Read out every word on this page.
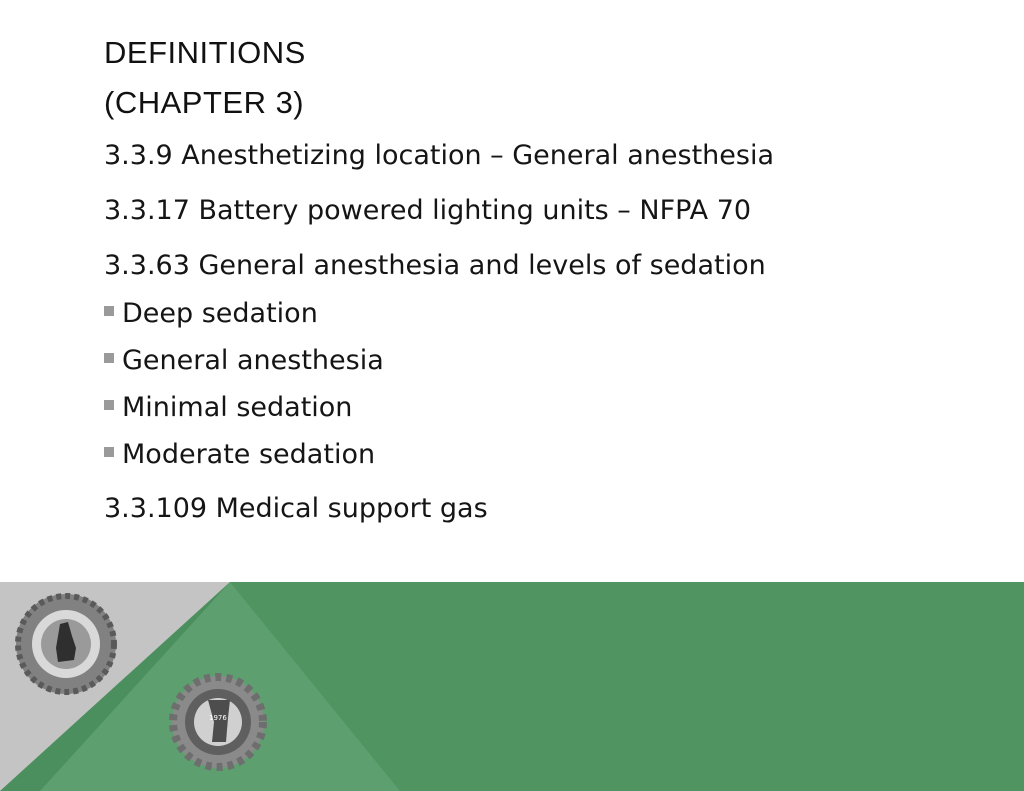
DEFINITIONS
(CHAPTER 3)
3.3.9 Anesthetizing location – General anesthesia
3.3.17 Battery powered lighting units – NFPA 70
3.3.63 General anesthesia and levels of sedation
Deep sedation
General anesthesia
Minimal sedation
Moderate sedation
3.3.109 Medical support gas
1976
